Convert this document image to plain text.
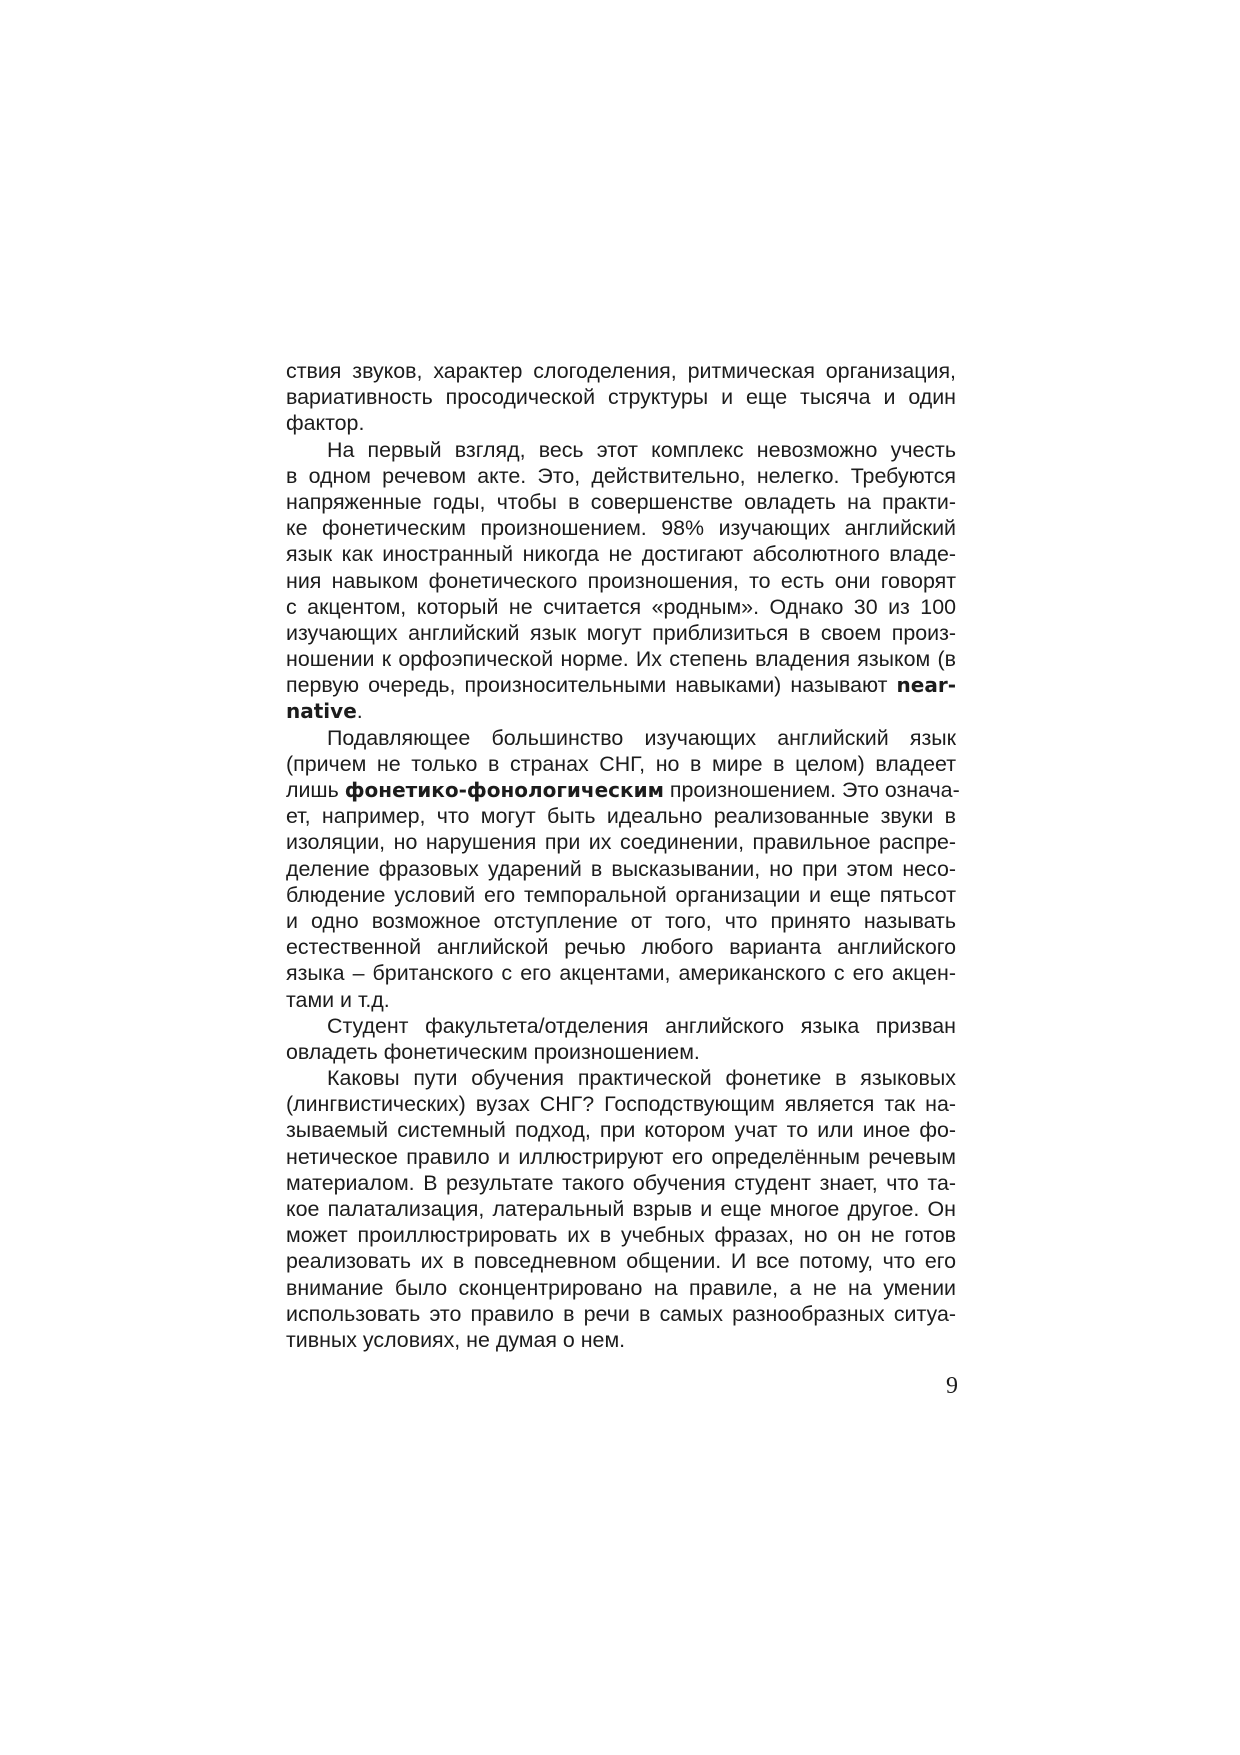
ствия звуков, характер слогоделения, ритмическая организация,
вариативность просодической структуры и еще тысяча и один
фактор.
На первый взгляд, весь этот комплекс невозможно учесть
в одном речевом акте. Это, действительно, нелегко. Требуются
напряженные годы, чтобы в совершенстве овладеть на практи-
ке фонетическим произношением. 98% изучающих английский
язык как иностранный никогда не достигают абсолютного владе-
ния навыком фонетического произношения, то есть они говорят
с акцентом, который не считается «родным». Однако 30 из 100
изучающих английский язык могут приблизиться в своем произ-
ношении к орфоэпической норме. Их степень владения языком (в
первую очередь, произносительными навыками) называют near-
native.
Подавляющее большинство изучающих английский язык
(причем не только в странах СНГ, но в мире в целом) владеет
лишь фонетико-фонологическим произношением. Это означа-
ет, например, что могут быть идеально реализованные звуки в
изоляции, но нарушения при их соединении, правильное распре-
деление фразовых ударений в высказывании, но при этом несо-
блюдение условий его темпоральной организации и еще пятьсот
и одно возможное отступление от того, что принято называть
естественной английской речью любого варианта английского
языка – британского с его акцентами, американского с его акцен-
тами и т.д.
Студент факультета/отделения английского языка призван
овладеть фонетическим произношением.
Каковы пути обучения практической фонетике в языковых
(лингвистических) вузах СНГ? Господствующим является так на-
зываемый системный подход, при котором учат то или иное фо-
нетическое правило и иллюстрируют его определённым речевым
материалом. В результате такого обучения студент знает, что та-
кое палатализация, латеральный взрыв и еще многое другое. Он
может проиллюстрировать их в учебных фразах, но он не готов
реализовать их в повседневном общении. И все потому, что его
внимание было сконцентрировано на правиле, а не на умении
использовать это правило в речи в самых разнообразных ситуа-
тивных условиях, не думая о нем.
9
